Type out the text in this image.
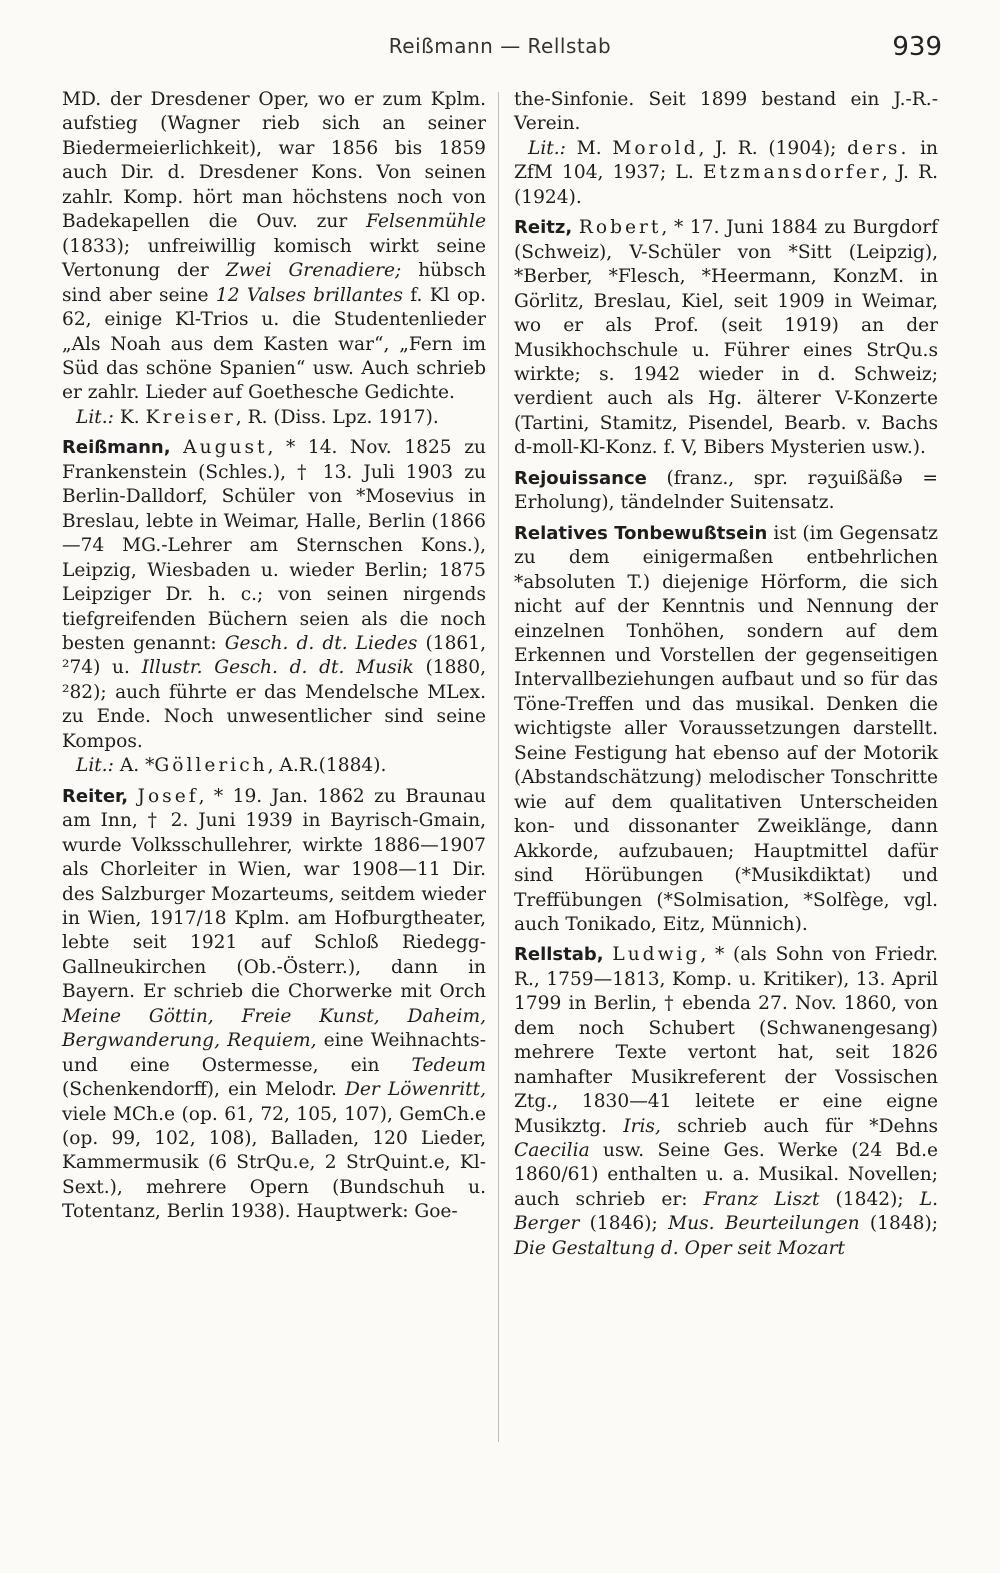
Reißmann — Rellstab	939

MD. der Dresdener Oper, wo er zum Kplm. aufstieg (Wagner rieb sich an seiner Biedermeierlichkeit), war 1856 bis 1859 auch Dir. d. Dresdener Kons. Von seinen zahlr. Komp. hört man höchstens noch von Badekapellen die Ouv. zur Felsenmühle (1833); unfreiwillig komisch wirkt seine Vertonung der Zwei Grenadiere; hübsch sind aber seine 12 Valses brillantes f. Kl op. 62, einige Kl-Trios u. die Studentenlieder „Als Noah aus dem Kasten war“, „Fern im Süd das schöne Spanien“ usw. Auch schrieb er zahlr. Lieder auf Goethesche Gedichte.

Lit.: K. Kreiser, R. (Diss. Lpz. 1917).

Reißmann, August, * 14. Nov. 1825 zu Frankenstein (Schles.), † 13. Juli 1903 zu Berlin-Dalldorf, Schüler von *Mosevius in Breslau, lebte in Weimar, Halle, Berlin (1866—74 MG.-Lehrer am Sternschen Kons.), Leipzig, Wiesbaden u. wieder Berlin; 1875 Leipziger Dr. h. c.; von seinen nirgends tiefgreifenden Büchern seien als die noch besten genannt: Gesch. d. dt. Liedes (1861, ²74) u. Illustr. Gesch. d. dt. Musik (1880, ²82); auch führte er das Mendelsche MLex. zu Ende. Noch unwesentlicher sind seine Kompos.

Lit.: A. *Göllerich, A.R.(1884).

Reiter, Josef, * 19. Jan. 1862 zu Braunau am Inn, † 2. Juni 1939 in Bayrisch-Gmain, wurde Volksschullehrer, wirkte 1886—1907 als Chorleiter in Wien, war 1908—11 Dir. des Salzburger Mozarteums, seitdem wieder in Wien, 1917/18 Kplm. am Hofburgtheater, lebte seit 1921 auf Schloß Riedegg-Gallneukirchen (Ob.-Österr.), dann in Bayern. Er schrieb die Chorwerke mit Orch Meine Göttin, Freie Kunst, Daheim, Bergwanderung, Requiem, eine Weihnachts- und eine Ostermesse, ein Tedeum (Schenkendorff), ein Melodr. Der Löwenritt, viele MCh.e (op. 61, 72, 105, 107), GemCh.e (op. 99, 102, 108), Balladen, 120 Lieder, Kammermusik (6 StrQu.e, 2 StrQuint.e, Kl-Sext.), mehrere Opern (Bundschuh u. Totentanz, Berlin 1938). Hauptwerk: Goe-

the-Sinfonie. Seit 1899 bestand ein J.-R.-Verein.

Lit.: M. Morold, J. R. (1904); ders. in ZfM 104, 1937; L. Etzmansdorfer, J. R. (1924).

Reitz, Robert, * 17. Juni 1884 zu Burgdorf (Schweiz), V-Schüler von *Sitt (Leipzig), *Berber, *Flesch, *Heermann, KonzM. in Görlitz, Breslau, Kiel, seit 1909 in Weimar, wo er als Prof. (seit 1919) an der Musikhochschule u. Führer eines StrQu.s wirkte; s. 1942 wieder in d. Schweiz; verdient auch als Hg. älterer V-Konzerte (Tartini, Stamitz, Pisendel, Bearb. v. Bachs d-moll-Kl-Konz. f. V, Bibers Mysterien usw.).

Rejouissance (franz., spr. rəʒuißäßə = Erholung), tändelnder Suitensatz.

Relatives Tonbewußtsein ist (im Gegensatz zu dem einigermaßen entbehrlichen *absoluten T.) diejenige Hörform, die sich nicht auf der Kenntnis und Nennung der einzelnen Tonhöhen, sondern auf dem Erkennen und Vorstellen der gegenseitigen Intervallbeziehungen aufbaut und so für das Töne-Treffen und das musikal. Denken die wichtigste aller Voraussetzungen darstellt. Seine Festigung hat ebenso auf der Motorik (Abstandschätzung) melodischer Tonschritte wie auf dem qualitativen Unterscheiden kon- und dissonanter Zweiklänge, dann Akkorde, aufzubauen; Hauptmittel dafür sind Hörübungen (*Musikdiktat) und Treffübungen (*Solmisation, *Solfège, vgl. auch Tonikado, Eitz, Münnich).

Rellstab, Ludwig, * (als Sohn von Friedr. R., 1759—1813, Komp. u. Kritiker), 13. April 1799 in Berlin, † ebenda 27. Nov. 1860, von dem noch Schubert (Schwanengesang) mehrere Texte vertont hat, seit 1826 namhafter Musikreferent der Vossischen Ztg., 1830—41 leitete er eine eigne Musikztg. Iris, schrieb auch für *Dehns Caecilia usw. Seine Ges. Werke (24 Bd.e 1860/61) enthalten u. a. Musikal. Novellen; auch schrieb er: Franz Liszt (1842); L. Berger (1846); Mus. Beurteilungen (1848); Die Gestaltung d. Oper seit Mozart
